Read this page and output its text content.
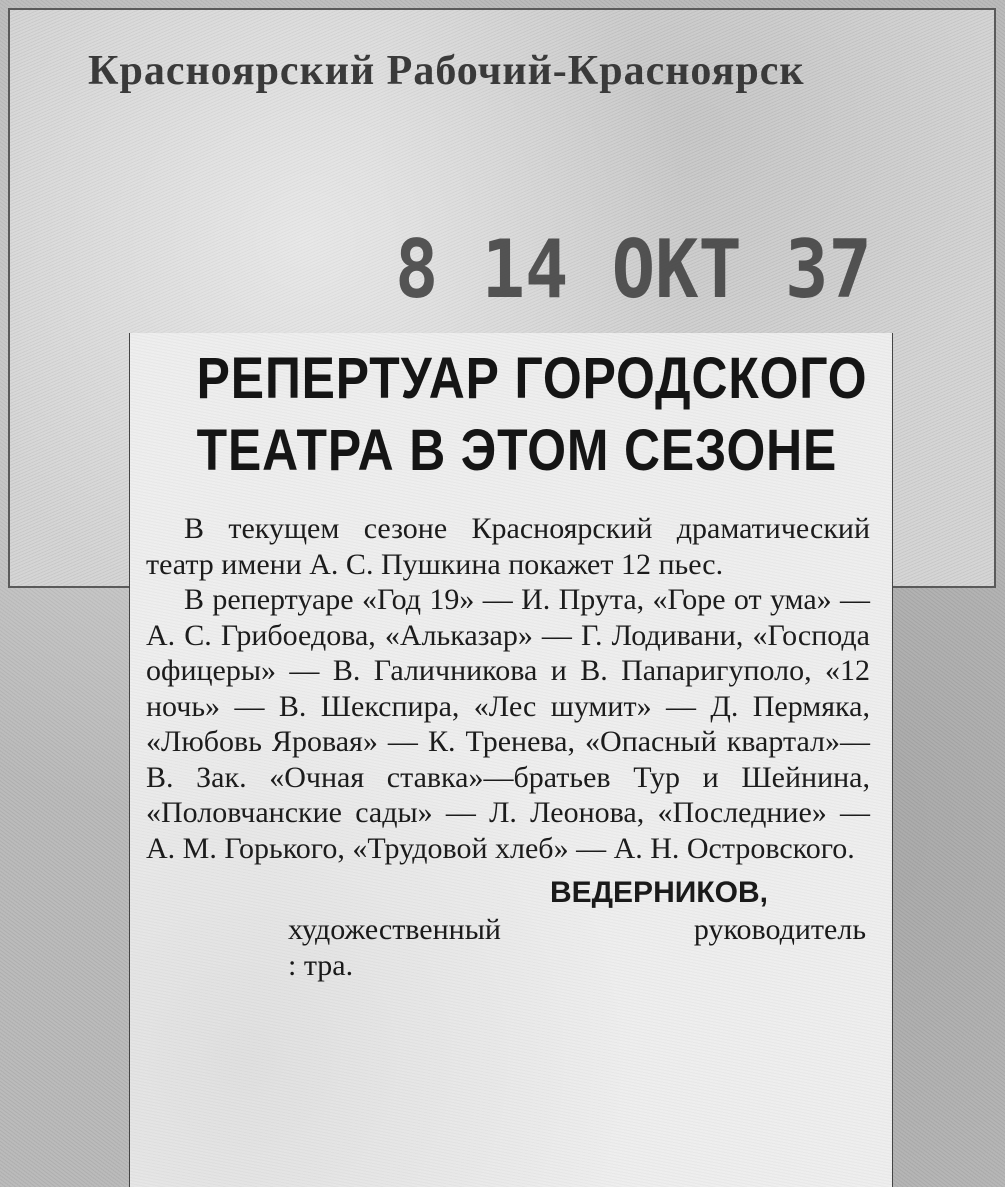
Красноярский Рабочий-Красноярск

8 14 ОКТ 37

РЕПЕРТУАР ГОРОДСКОГО
ТЕАТРА В ЭТОМ СЕЗОНЕ

В текущем сезоне Красноярский драматический театр имени А. С. Пушкина покажет 12 пьес.

В репертуаре «Год 19» — И. Прута, «Горе от ума» — А. С. Грибоедова, «Альказар» — Г. Лодивани, «Господа офицеры» — В. Галичникова и В. Папаригуполо, «12 ночь» — В. Шекспира, «Лес шумит» — Д. Пермяка, «Любовь Яровая» — К. Тренева, «Опасный квартал»—В. Зак. «Очная ставка»—братьев Тур и Шейнина, «Половчанские сады» — Л. Леонова, «Последние» — А. М. Горького, «Трудовой хлеб» — А. Н. Островского.

ВЕДЕРНИКОВ,

художественный руководитель

: тра.
